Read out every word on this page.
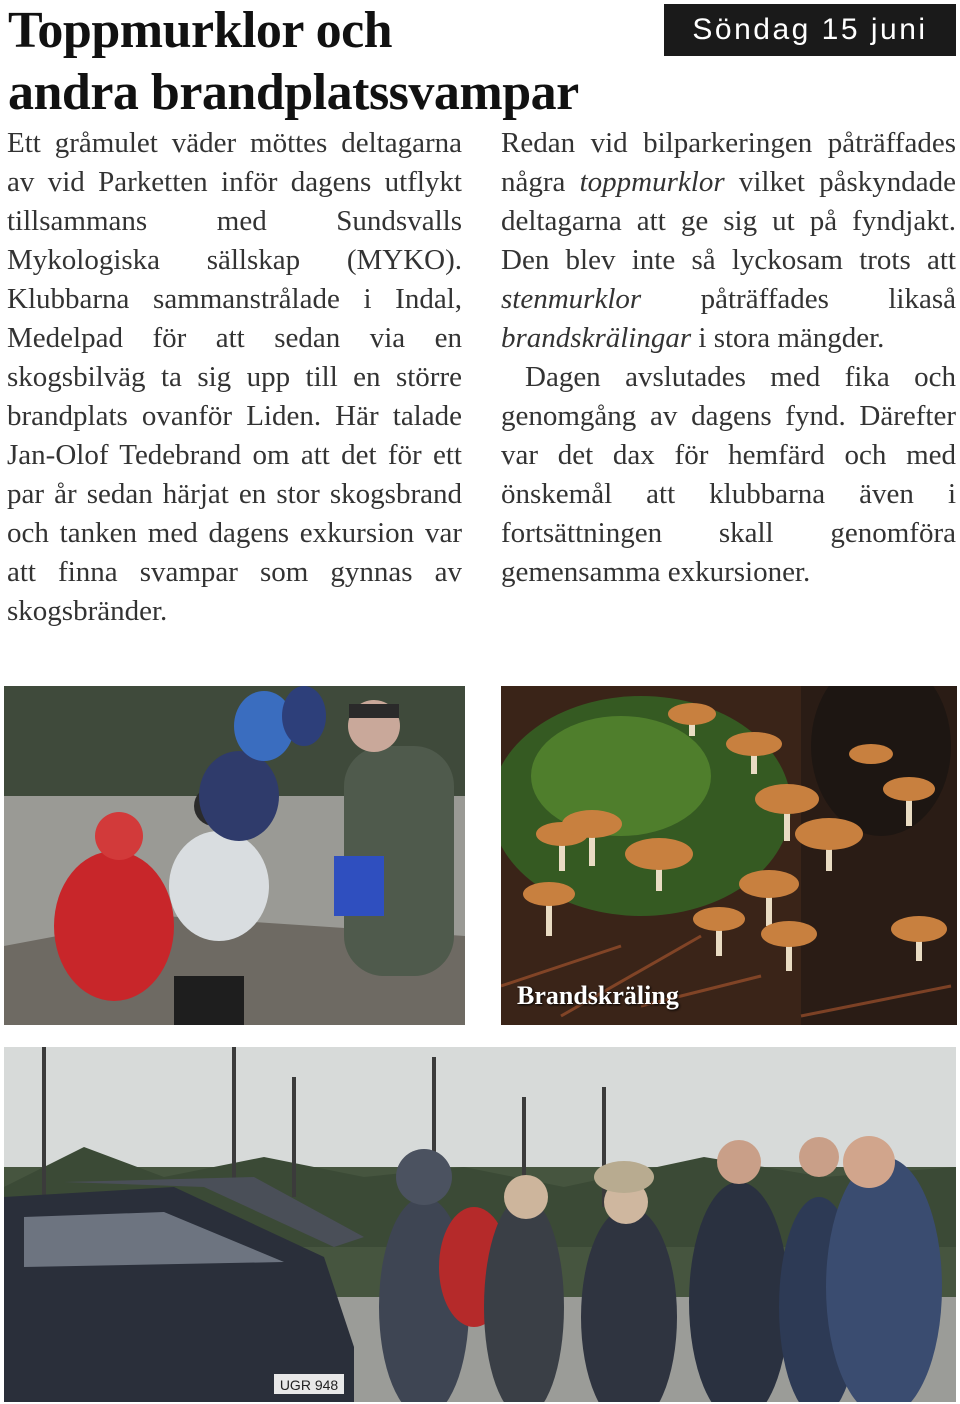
Toppmurklor och
andra brandplatssvampar
Söndag 15 juni

Ett gråmulet väder möttes deltagarna av vid Parketten inför dagens utflykt tillsammans med Sundsvalls Mykologiska sällskap (MYKO). Klubbarna sammanstrålade i Indal, Medelpad för att sedan via en skogsbilväg ta sig upp till en större brandplats ovanför Liden. Här talade Jan-Olof Tedebrand om att det för ett par år sedan härjat en stor skogsbrand och tanken med dagens exkursion var att finna svampar som gynnas av skogsbränder.

Redan vid bilparkeringen påträffades några toppmurklor vilket påskyndade deltagarna att ge sig ut på fyndjakt. Den blev inte så lyckosam trots att stenmurklor påträffades likaså brandskrälingar i stora mängder.

Dagen avslutades med fika och genomgång av dagens fynd. Därefter var det dax för hemfärd och med önskemål att klubbarna även i fortsättningen skall genomföra gemensamma exkursioner.

Brandskräling
UGR 948
